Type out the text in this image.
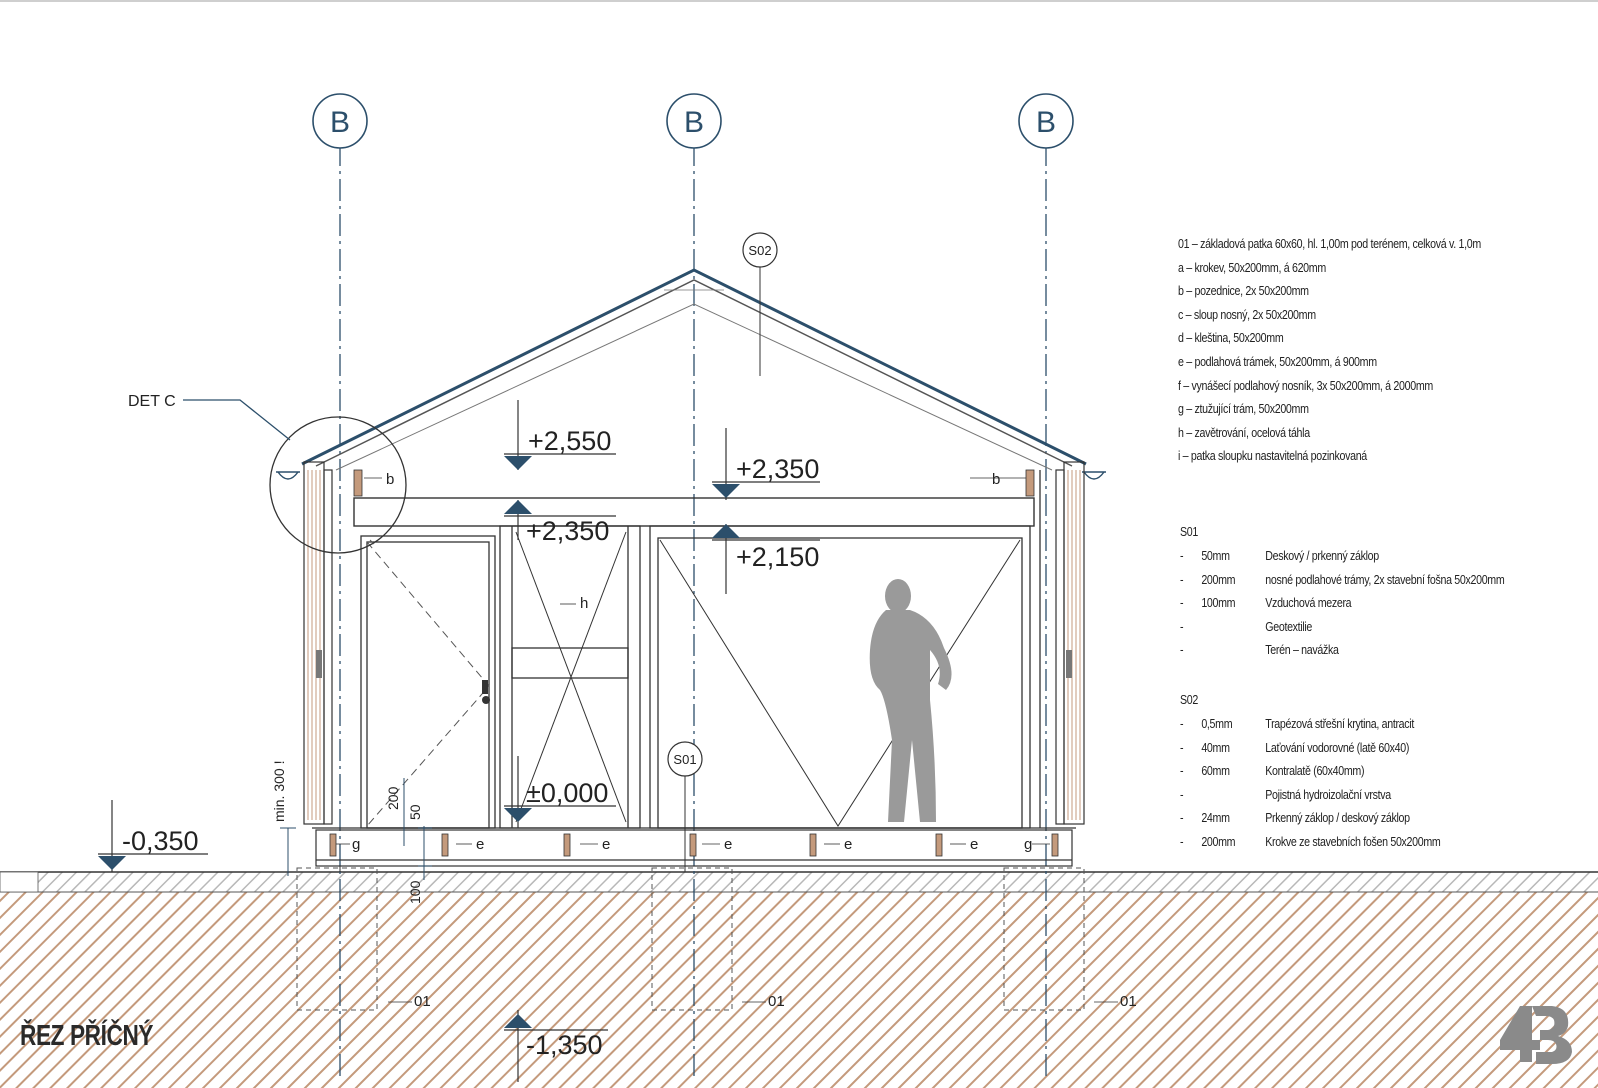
B	B	B
b	b
h
g	g
e	e	e	e	e
01	01	01
DET C
S02
S01
+2,550
+2,350
+2,350
+2,150
±0,000
-0,350
-1,350
min. 300 !	200
50
100
01 – základová patka 60x60, hl. 1,00m pod terénem, celková v. 1,0m
a – krokev, 50x200mm, á 620mm
b – pozednice, 2x 50x200mm
c – sloup nosný, 2x 50x200mm
d – kleština, 50x200mm
e – podlahová trámek, 50x200mm, á 900mm
f – vynášecí podlahový nosník, 3x 50x200mm, á 2000mm
g – ztužující trám, 50x200mm
h – zavětrování, ocelová táhla
i – patka sloupku nastavitelná pozinkovaná
S01
- 50mm	Deskový / prkenný záklop
- 200mm nosné podlahové trámy, 2x stavební fošna 50x200mm
- 100mm Vzduchová mezera
-	Geotextilie
-	Terén – navážka
S02
- 0,5mm	Trapézová střešní krytina, antracit
- 40mm	Laťování vodorovné (latě 60x40)
- 60mm	Kontralatě (60x40mm)
-	Pojistná hydroizolační vrstva
- 24mm	Prkenný záklop / deskový záklop
- 200mm Krokve ze stavebních fošen 50x200mm
ŘEZ PŘÍČNÝ
